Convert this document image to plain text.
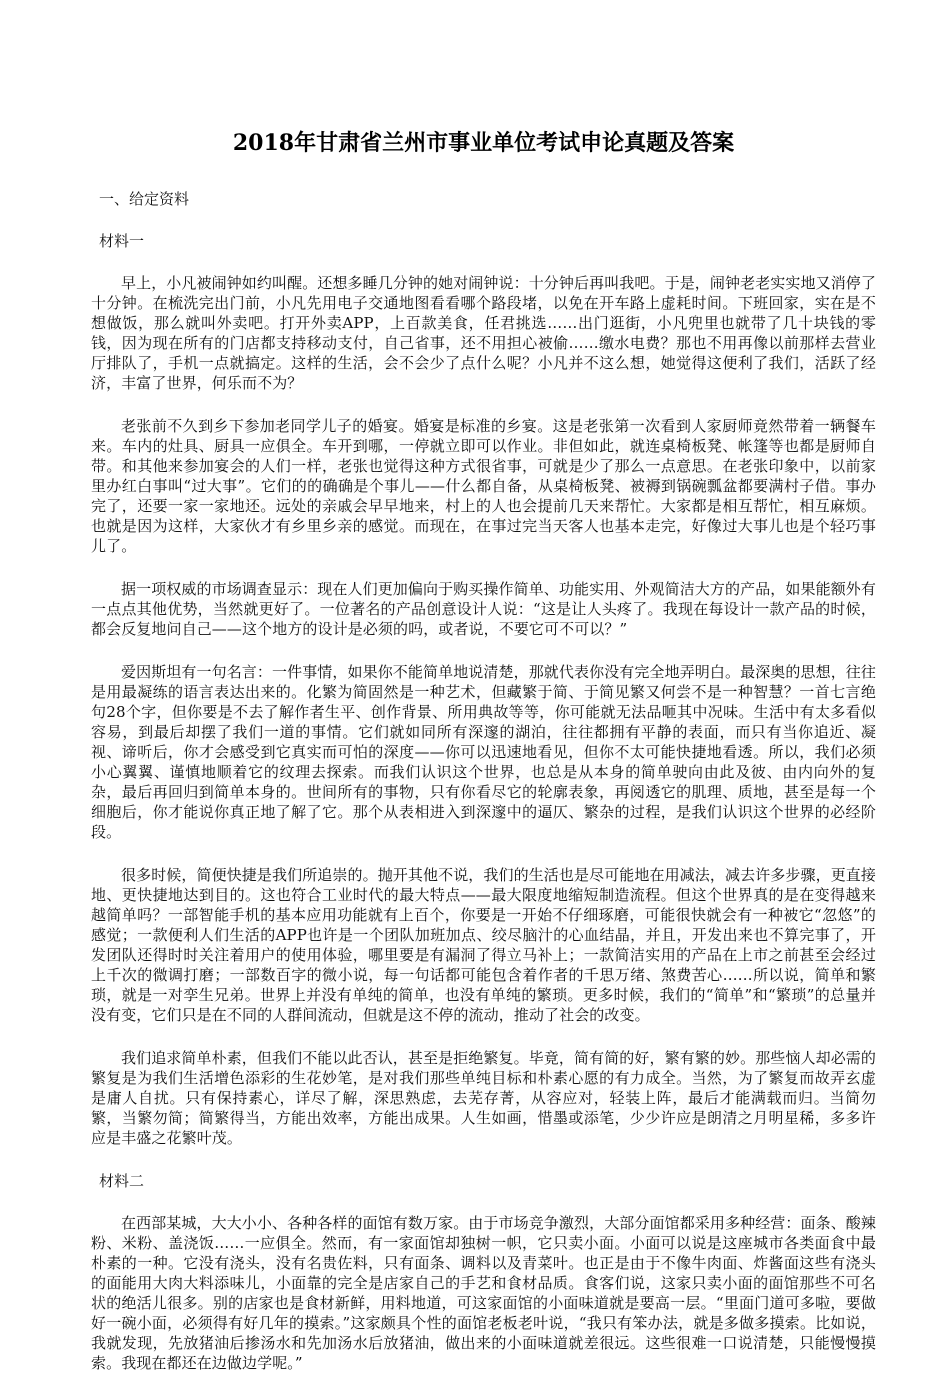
2018年甘肃省兰州市事业单位考试申论真题及答案
一、给定资料
材料一

早上，小凡被闹钟如约叫醒。还想多睡几分钟的她对闹钟说：十分钟后再叫我吧。于是，闹钟老老实实地又消停了十分钟。在梳洗完出门前，小凡先用电子交通地图看看哪个路段堵，以免在开车路上虚耗时间。下班回家，实在是不想做饭，那么就叫外卖吧。打开外卖APP，上百款美食，任君挑选……出门逛街，小凡兜里也就带了几十块钱的零钱，因为现在所有的门店都支持移动支付，自己省事，还不用担心被偷……缴水电费？那也不用再像以前那样去营业厅排队了，手机一点就搞定。这样的生活，会不会少了点什么呢？小凡并不这么想，她觉得这便利了我们，活跃了经济，丰富了世界，何乐而不为？

老张前不久到乡下参加老同学儿子的婚宴。婚宴是标准的乡宴。这是老张第一次看到人家厨师竟然带着一辆餐车来。车内的灶具、厨具一应俱全。车开到哪，一停就立即可以作业。非但如此，就连桌椅板凳、帐篷等也都是厨师自带。和其他来参加宴会的人们一样，老张也觉得这种方式很省事，可就是少了那么一点意思。在老张印象中，以前家里办红白事叫“过大事”。它们的的确确是个事儿——什么都自备，从桌椅板凳、被褥到锅碗瓢盆都要满村子借。事办完了，还要一家一家地还。远处的亲戚会早早地来，村上的人也会提前几天来帮忙。大家都是相互帮忙，相互麻烦。也就是因为这样，大家伙才有乡里乡亲的感觉。而现在，在事过完当天客人也基本走完，好像过大事儿也是个轻巧事儿了。

据一项权威的市场调查显示：现在人们更加偏向于购买操作简单、功能实用、外观简洁大方的产品，如果能额外有一点点其他优势，当然就更好了。一位著名的产品创意设计人说：“这是让人头疼了。我现在每设计一款产品的时候，都会反复地问自己——这个地方的设计是必须的吗，或者说，不要它可不可以？”

爱因斯坦有一句名言：一件事情，如果你不能简单地说清楚，那就代表你没有完全地弄明白。最深奥的思想，往往是用最凝练的语言表达出来的。化繁为简固然是一种艺术，但藏繁于简、于简见繁又何尝不是一种智慧？一首七言绝句28个字，但你要是不去了解作者生平、创作背景、所用典故等等，你可能就无法品咂其中况味。生活中有太多看似容易，到最后却摆了我们一道的事情。它们就如同所有深邃的湖泊，往往都拥有平静的表面，而只有当你追近、凝视、谛听后，你才会感受到它真实而可怕的深度——你可以迅速地看见，但你不太可能快捷地看透。所以，我们必须小心翼翼、谨慎地顺着它的纹理去探索。而我们认识这个世界，也总是从本身的简单驶向由此及彼、由内向外的复杂，最后再回归到简单本身的。世间所有的事物，只有你看尽它的轮廓表象，再阅透它的肌理、质地，甚至是每一个细胞后，你才能说你真正地了解了它。那个从表相进入到深邃中的逼仄、繁杂的过程，是我们认识这个世界的必经阶段。

很多时候，简便快捷是我们所追崇的。抛开其他不说，我们的生活也是尽可能地在用减法，减去许多步骤，更直接地、更快捷地达到目的。这也符合工业时代的最大特点——最大限度地缩短制造流程。但这个世界真的是在变得越来越简单吗？一部智能手机的基本应用功能就有上百个，你要是一开始不仔细琢磨，可能很快就会有一种被它“忽悠”的感觉；一款便利人们生活的APP也许是一个团队加班加点、绞尽脑汁的心血结晶，并且，开发出来也不算完事了，开发团队还得时时关注着用户的使用体验，哪里要是有漏洞了得立马补上；一款简洁实用的产品在上市之前甚至会经过上千次的微调打磨；一部数百字的微小说，每一句话都可能包含着作者的千思万绪、煞费苦心……所以说，简单和繁琐，就是一对孪生兄弟。世界上并没有单纯的简单，也没有单纯的繁琐。更多时候，我们的“简单”和“繁琐”的总量并没有变，它们只是在不同的人群间流动，但就是这不停的流动，推动了社会的改变。

我们追求简单朴素，但我们不能以此否认，甚至是拒绝繁复。毕竟，简有简的好，繁有繁的妙。那些恼人却必需的繁复是为我们生活增色添彩的生花妙笔，是对我们那些单纯目标和朴素心愿的有力成全。当然，为了繁复而故弄玄虚是庸人自扰。只有保持素心，详尽了解，深思熟虑，去芜存菁，从容应对，轻装上阵，最后才能满载而归。当简勿繁，当繁勿简；简繁得当，方能出效率，方能出成果。人生如画，惜墨或添笔，少少许应是朗清之月明星稀，多多许应是丰盛之花繁叶茂。

材料二

在西部某城，大大小小、各种各样的面馆有数万家。由于市场竞争激烈，大部分面馆都采用多种经营：面条、酸辣粉、米粉、盖浇饭……一应俱全。然而，有一家面馆却独树一帜，它只卖小面。小面可以说是这座城市各类面食中最朴素的一种。它没有浇头，没有名贵佐料，只有面条、调料以及青菜叶。也正是由于不像牛肉面、炸酱面这些有浇头的面能用大肉大料添味儿，小面靠的完全是店家自己的手艺和食材品质。食客们说，这家只卖小面的面馆那些不可名状的绝活儿很多。别的店家也是食材新鲜，用料地道，可这家面馆的小面味道就是要高一层。“里面门道可多啦，要做好一碗小面，必须得有好几年的摸索。”这家颇具个性的面馆老板老叶说，“我只有笨办法，就是多做多摸索。比如说，我就发现，先放猪油后掺汤水和先加汤水后放猪油，做出来的小面味道就差很远。这些很难一口说清楚，只能慢慢摸索。我现在都还在边做边学呢。”
